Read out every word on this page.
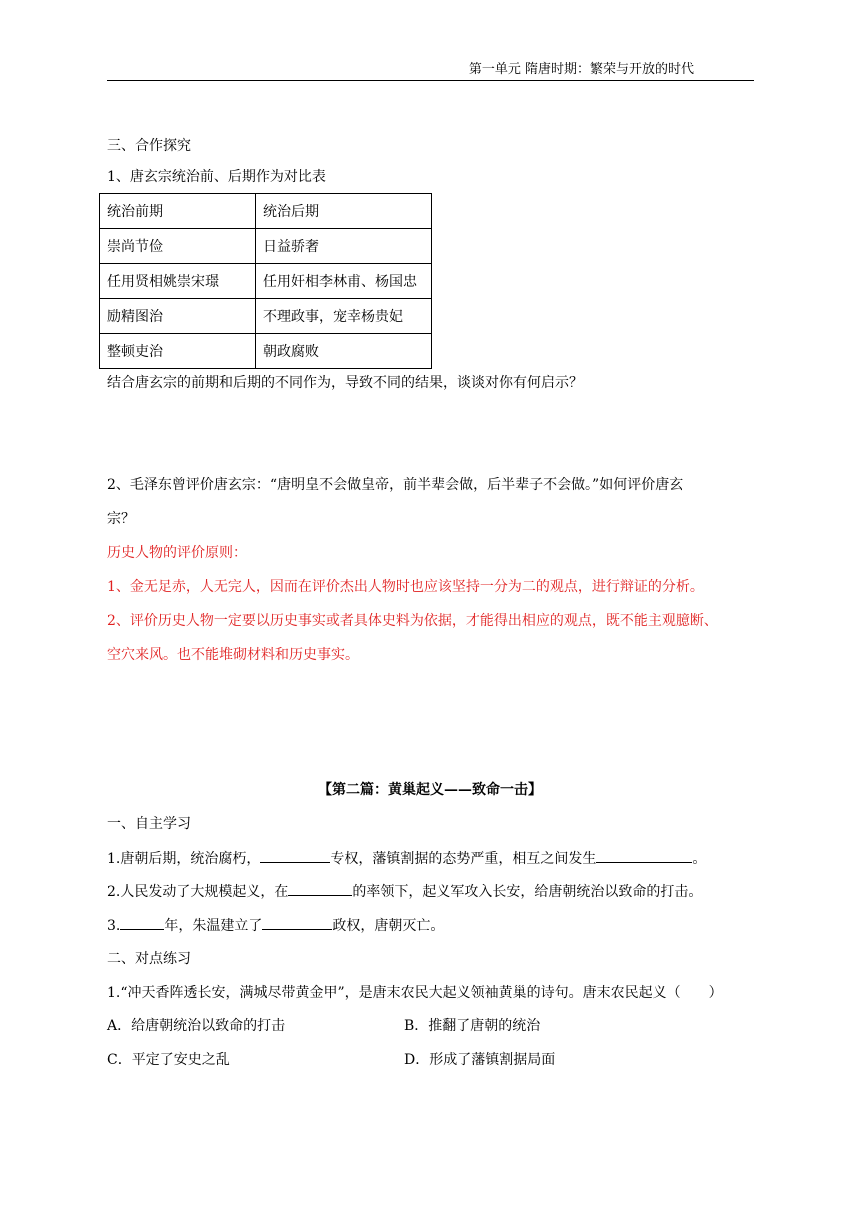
第一单元 隋唐时期：繁荣与开放的时代
三、合作探究
1、唐玄宗统治前、后期作为对比表
统治前期	统治后期
崇尚节俭	日益骄奢
任用贤相姚崇宋璟	任用奸相李林甫、杨国忠
励精图治	不理政事，宠幸杨贵妃
整顿吏治	朝政腐败
结合唐玄宗的前期和后期的不同作为，导致不同的结果，谈谈对你有何启示？
2、毛泽东曾评价唐玄宗：“唐明皇不会做皇帝，前半辈会做，后半辈子不会做。”如何评价唐玄
宗？
历史人物的评价原则：
1、金无足赤，人无完人，因而在评价杰出人物时也应该坚持一分为二的观点，进行辩证的分析。
2、评价历史人物一定要以历史事实或者具体史料为依据，才能得出相应的观点，既不能主观臆断、
空穴来风。也不能堆砌材料和历史事实。
【第二篇：黄巢起义——致命一击】
一、自主学习
1.唐朝后期，统治腐朽，	专权，藩镇割据的态势严重，相互之间发生	。
2.人民发动了大规模起义，在	的率领下，起义军攻入长安，给唐朝统治以致命的打击。
3.	年，朱温建立了	政权，唐朝灭亡。
二、对点练习
1.“冲天香阵透长安，满城尽带黄金甲”，是唐末农民大起义领袖黄巢的诗句。唐末农民起义（　　）
A．给唐朝统治以致命的打击	B．推翻了唐朝的统治
C．平定了安史之乱	D．形成了藩镇割据局面
